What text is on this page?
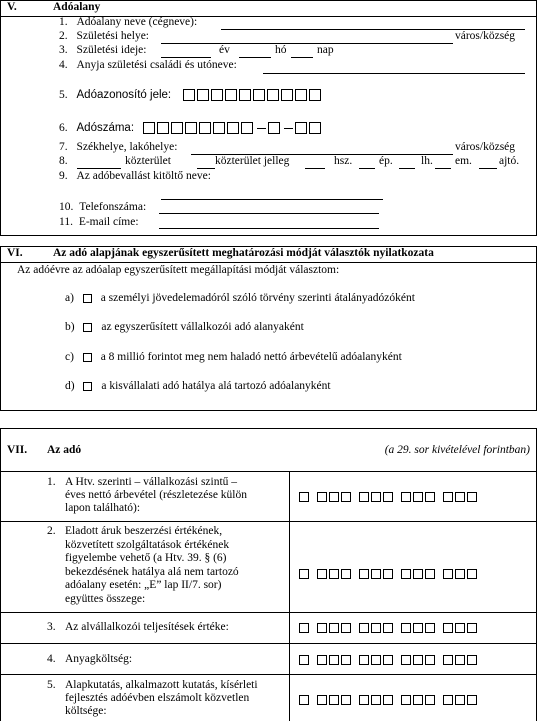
V.	Adóalany
1. Adóalany neve (cégneve):
2. Születési helye:	város/község
3. Születési ideje:	év	hó	nap
4. Anyja születési családi és utóneve:
5. Adóazonosító jele:
6. Adószáma:
7. Székhelye, lakóhelye:	város/község
8.	közterület	közterület jelleg	hsz. ép. lh. em. ajtó.
9. Az adóbevallást kitöltő neve:
10. Telefonszáma:
11. E-mail címe:
VI.	Az adó alapjának egyszerűsített meghatározási módját választók nyilatkozata
Az adóévre az adóalap egyszerűsített megállapítási módját választom:
a) a személyi jövedelemadóról szóló törvény szerinti átalányadózóként
b) az egyszerűsített vállalkozói adó alanyaként
c) a 8 millió forintot meg nem haladó nettó árbevételű adóalanyként
d) a kisvállalati adó hatálya alá tartozó adóalanyként
VII. Az adó	(a 29. sor kivételével forintban)
1. A Htv. szerinti – vállalkozási szintű –
éves nettó árbevétel (részletezése külön
lapon található):
2. Eladott áruk beszerzési értékének,
közvetített szolgáltatások értékének
figyelembe vehető (a Htv. 39. § (6)
bekezdésének hatálya alá nem tartozó
adóalany esetén: „E” lap II/7. sor)
együttes összege:
3. Az alvállalkozói teljesítések értéke:
4. Anyagköltség:
5. Alapkutatás, alkalmazott kutatás, kísérleti
fejlesztés adóévben elszámolt közvetlen
költsége:
